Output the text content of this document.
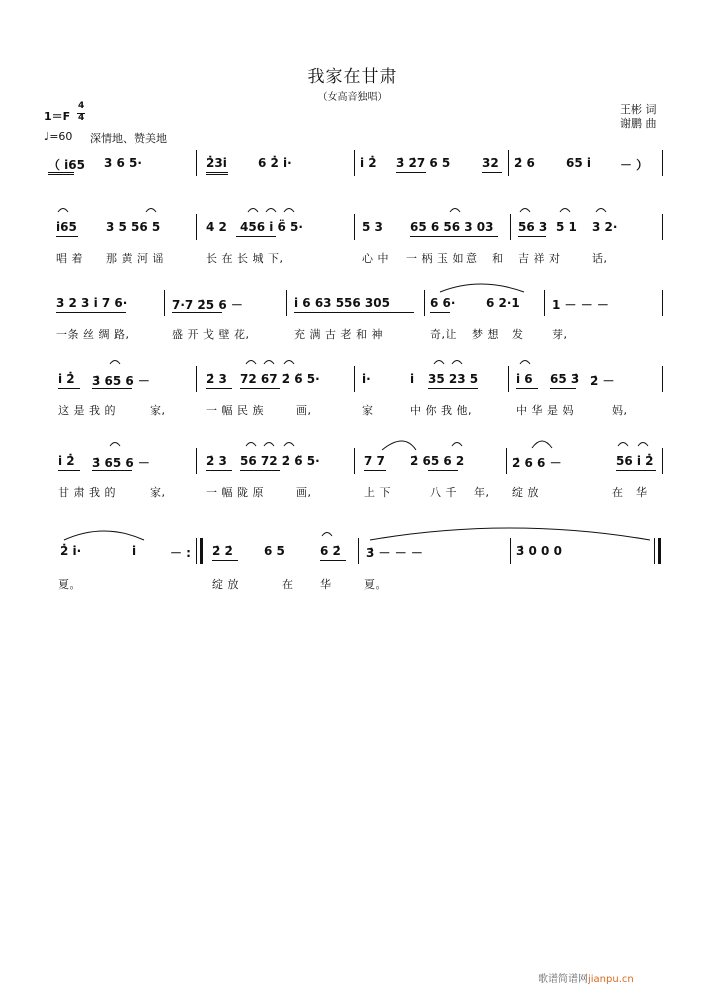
我家在甘肃
（女高音独唱）
王彬 词
谢鹏 曲
1＝F
4
4
♩=60 深情地、赞美地
（ i65 3 6 5·	2̇3i	6 2̇ i·	i 2̇ 3̇ 2̇7 6 5	32 2̇ 6	65 i － ）
i65 3 5 56 5	4 2 456 i 6̈ 5·	5 3 65 6 56 3 03 56 3 5 1 3 2·
唱 着 那 黄 河 谣	长 在 长 城 下,	心 中 一 柄 玉 如 意 和 吉 祥 对	话,
3 2 3 i 7 6·	7·7 2̇5 6 －	i 6 63 556 305	6 6·	6 2·1	1 － － －
一条 丝 绸 路,	盛 开 戈 壁 花,	充 满 古 老 和 神	奇,让 梦 想 发	芽,
i 2̇ 3̇ 65 6 －	2̇ 3 72 67 2̇ 6̈ 5·	i·	i 35 23 5	i 6 65 3̇ 2̇ －
这 是 我 的	家,	一 幅 民 族	画,	家	中 你 我 他,	中 华 是 妈	妈,
i 2̇ 3̇ 65 6 －	2̇ 3 56 72 2̇ 6̈ 5·	7 7 2̇ 65 6 2	2̇ 6 6 －	56 i 2̇
甘 肃 我 的	家,	一 幅 陇 原	画,	上 下	八 千 年, 绽 放	在 华
2̇ i·	i	－ : 2̇ 2̇	6 5	6 2̇ 3̇ － － －	3̇ 0 0 0
夏。	绽 放	在 华	夏。
歌谱简谱网jianpu.cn
